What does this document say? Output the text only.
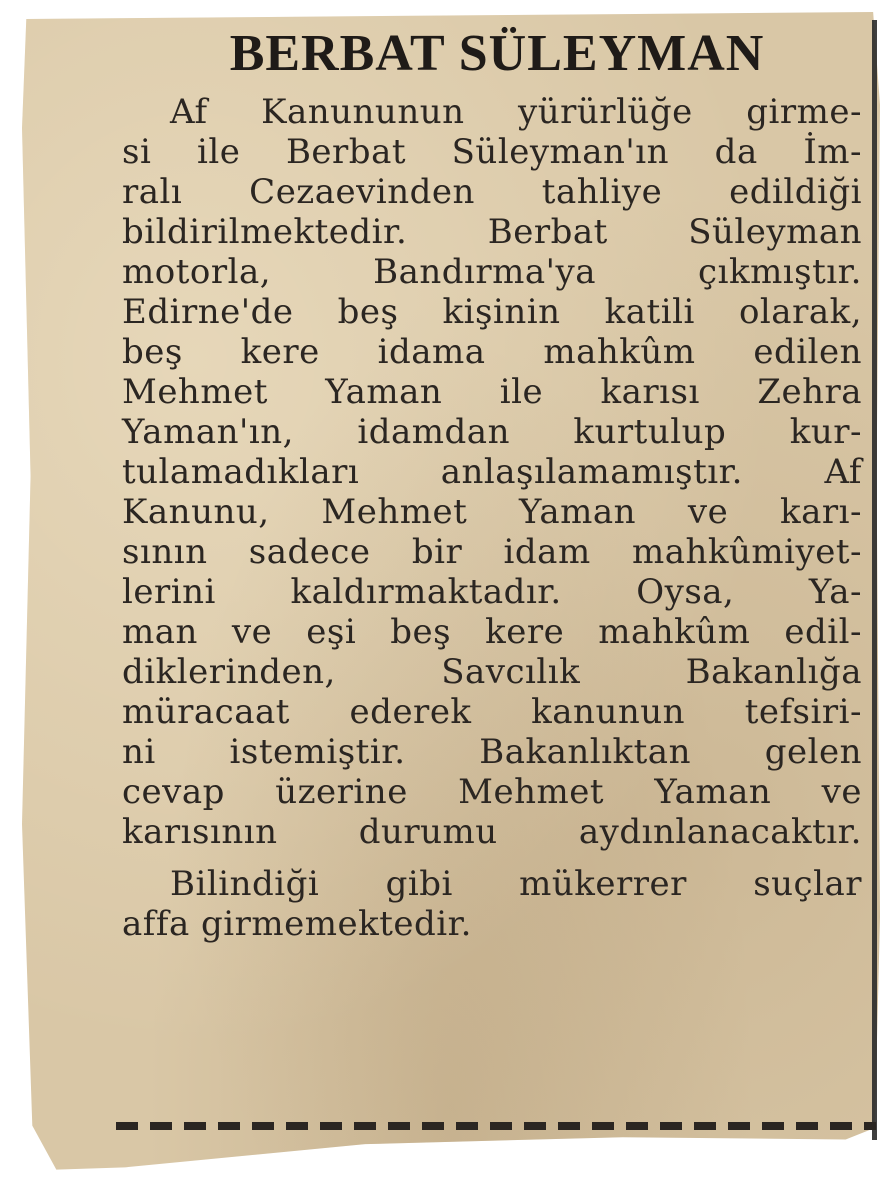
BERBAT SÜLEYMAN

Af Kanununun yürürlüğe girme-
si ile Berbat Süleyman'ın da İm-
ralı Cezaevinden tahliye edildiği
bildirilmektedir. Berbat Süleyman
motorla, Bandırma'ya çıkmıştır.
Edirne'de beş kişinin katili olarak,
beş kere idama mahkûm edilen
Mehmet Yaman ile karısı Zehra
Yaman'ın, idamdan kurtulup kur-
tulamadıkları anlaşılamamıştır. Af
Kanunu, Mehmet Yaman ve karı-
sının sadece bir idam mahkûmiyet-
lerini kaldırmaktadır. Oysa, Ya-
man ve eşi beş kere mahkûm edil-
diklerinden, Savcılık Bakanlığa
müracaat ederek kanunun tefsiri-
ni istemiştir. Bakanlıktan gelen
cevap üzerine Mehmet Yaman ve
karısının durumu aydınlanacaktır.

Bilindiği gibi mükerrer suçlar
affa girmemektedir.
